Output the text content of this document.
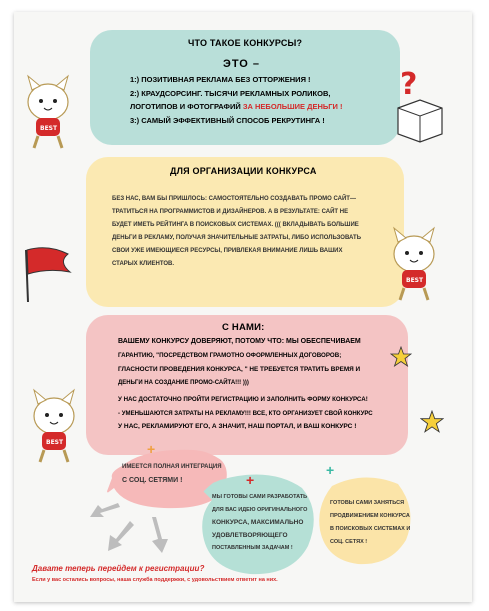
ЧТО ТАКОЕ КОНКУРСЫ?

ЭТО –

1:) ПОЗИТИВНАЯ РЕКЛАМА БЕЗ ОТТОРЖЕНИЯ !

2:) КРАУДСОРСИНГ. ТЫСЯЧИ РЕКЛАМНЫХ РОЛИКОВ,

ЛОГОТИПОВ И ФОТОГРАФИЙ ЗА НЕБОЛЬШИЕ ДЕНЬГИ !

3:) САМЫЙ ЭФФЕКТИВНЫЙ СПОСОБ РЕКРУТИНГА !

ДЛЯ ОРГАНИЗАЦИИ КОНКУРСА

БЕЗ НАС, ВАМ БЫ ПРИШЛОСЬ: САМОСТОЯТЕЛЬНО СОЗДАВАТЬ ПРОМО САЙТ—

ТРАТИТЬСЯ НА ПРОГРАММИСТОВ И ДИЗАЙНЕРОВ. А В РЕЗУЛЬТАТЕ: САЙТ НЕ

БУДЕТ ИМЕТЬ РЕЙТИНГА В ПОИСКОВЫХ СИСТЕМАХ. ((( ВКЛАДЫВАТЬ БОЛЬШИЕ

ДЕНЬГИ В РЕКЛАМУ, ПОЛУЧАЯ ЗНАЧИТЕЛЬНЫЕ ЗАТРАТЫ, ЛИБО ИСПОЛЬЗОВАТЬ

СВОИ УЖЕ ИМЕЮЩИЕСЯ РЕСУРСЫ, ПРИВЛЕКАЯ ВНИМАНИЕ ЛИШЬ ВАШИХ

СТАРЫХ КЛИЕНТОВ.

С НАМИ:

ВАШЕМУ КОНКУРСУ ДОВЕРЯЮТ, ПОТОМУ ЧТО: МЫ ОБЕСПЕЧИВАЕМ

ГАРАНТИЮ, "ПОСРЕДСТВОМ ГРАМОТНО ОФОРМЛЕННЫХ ДОГОВОРОВ;

ГЛАСНОСТИ ПРОВЕДЕНИЯ КОНКУРСА, " НЕ ТРЕБУЕТСЯ ТРАТИТЬ ВРЕМЯ И

ДЕНЬГИ НА СОЗДАНИЕ ПРОМО-САЙТА!!! )))

У НАС ДОСТАТОЧНО ПРОЙТИ РЕГИСТРАЦИЮ И ЗАПОЛНИТЬ ФОРМУ КОНКУРСА!

- УМЕНЬШАЮТСЯ ЗАТРАТЫ НА РЕКЛАМУ!!! ВСЕ, КТО ОРГАНИЗУЕТ СВОЙ КОНКУРС

У НАС, РЕКЛАМИРУЮТ ЕГО, А ЗНАЧИТ, НАШ ПОРТАЛ, И ВАШ КОНКУРС !

+

ИМЕЕТСЯ ПОЛНАЯ ИНТЕГРАЦИЯ

С СОЦ. СЕТЯМИ !	+

МЫ ГОТОВЫ САМИ РАЗРАБОТАТЬ

ДЛЯ ВАС ИДЕЮ ОРИГИНАЛЬНОГО

КОНКУРСА, МАКСИМАЛЬНО

УДОВЛЕТВОРЯЮЩЕГО

ПОСТАВЛЕННЫМ ЗАДАЧАМ !

+

ГОТОВЫ САМИ ЗАНЯТЬСЯ

ПРОДВИЖЕНИЕМ КОНКУРСА

В ПОИСКОВЫХ СИСТЕМАХ И

СОЦ. СЕТЯХ !

BEST
BEST
BEST
?

Давате теперь перейдем к регистрации?

Если у вас остались вопросы, наша служба поддержки, с удовольствием ответит на них.
